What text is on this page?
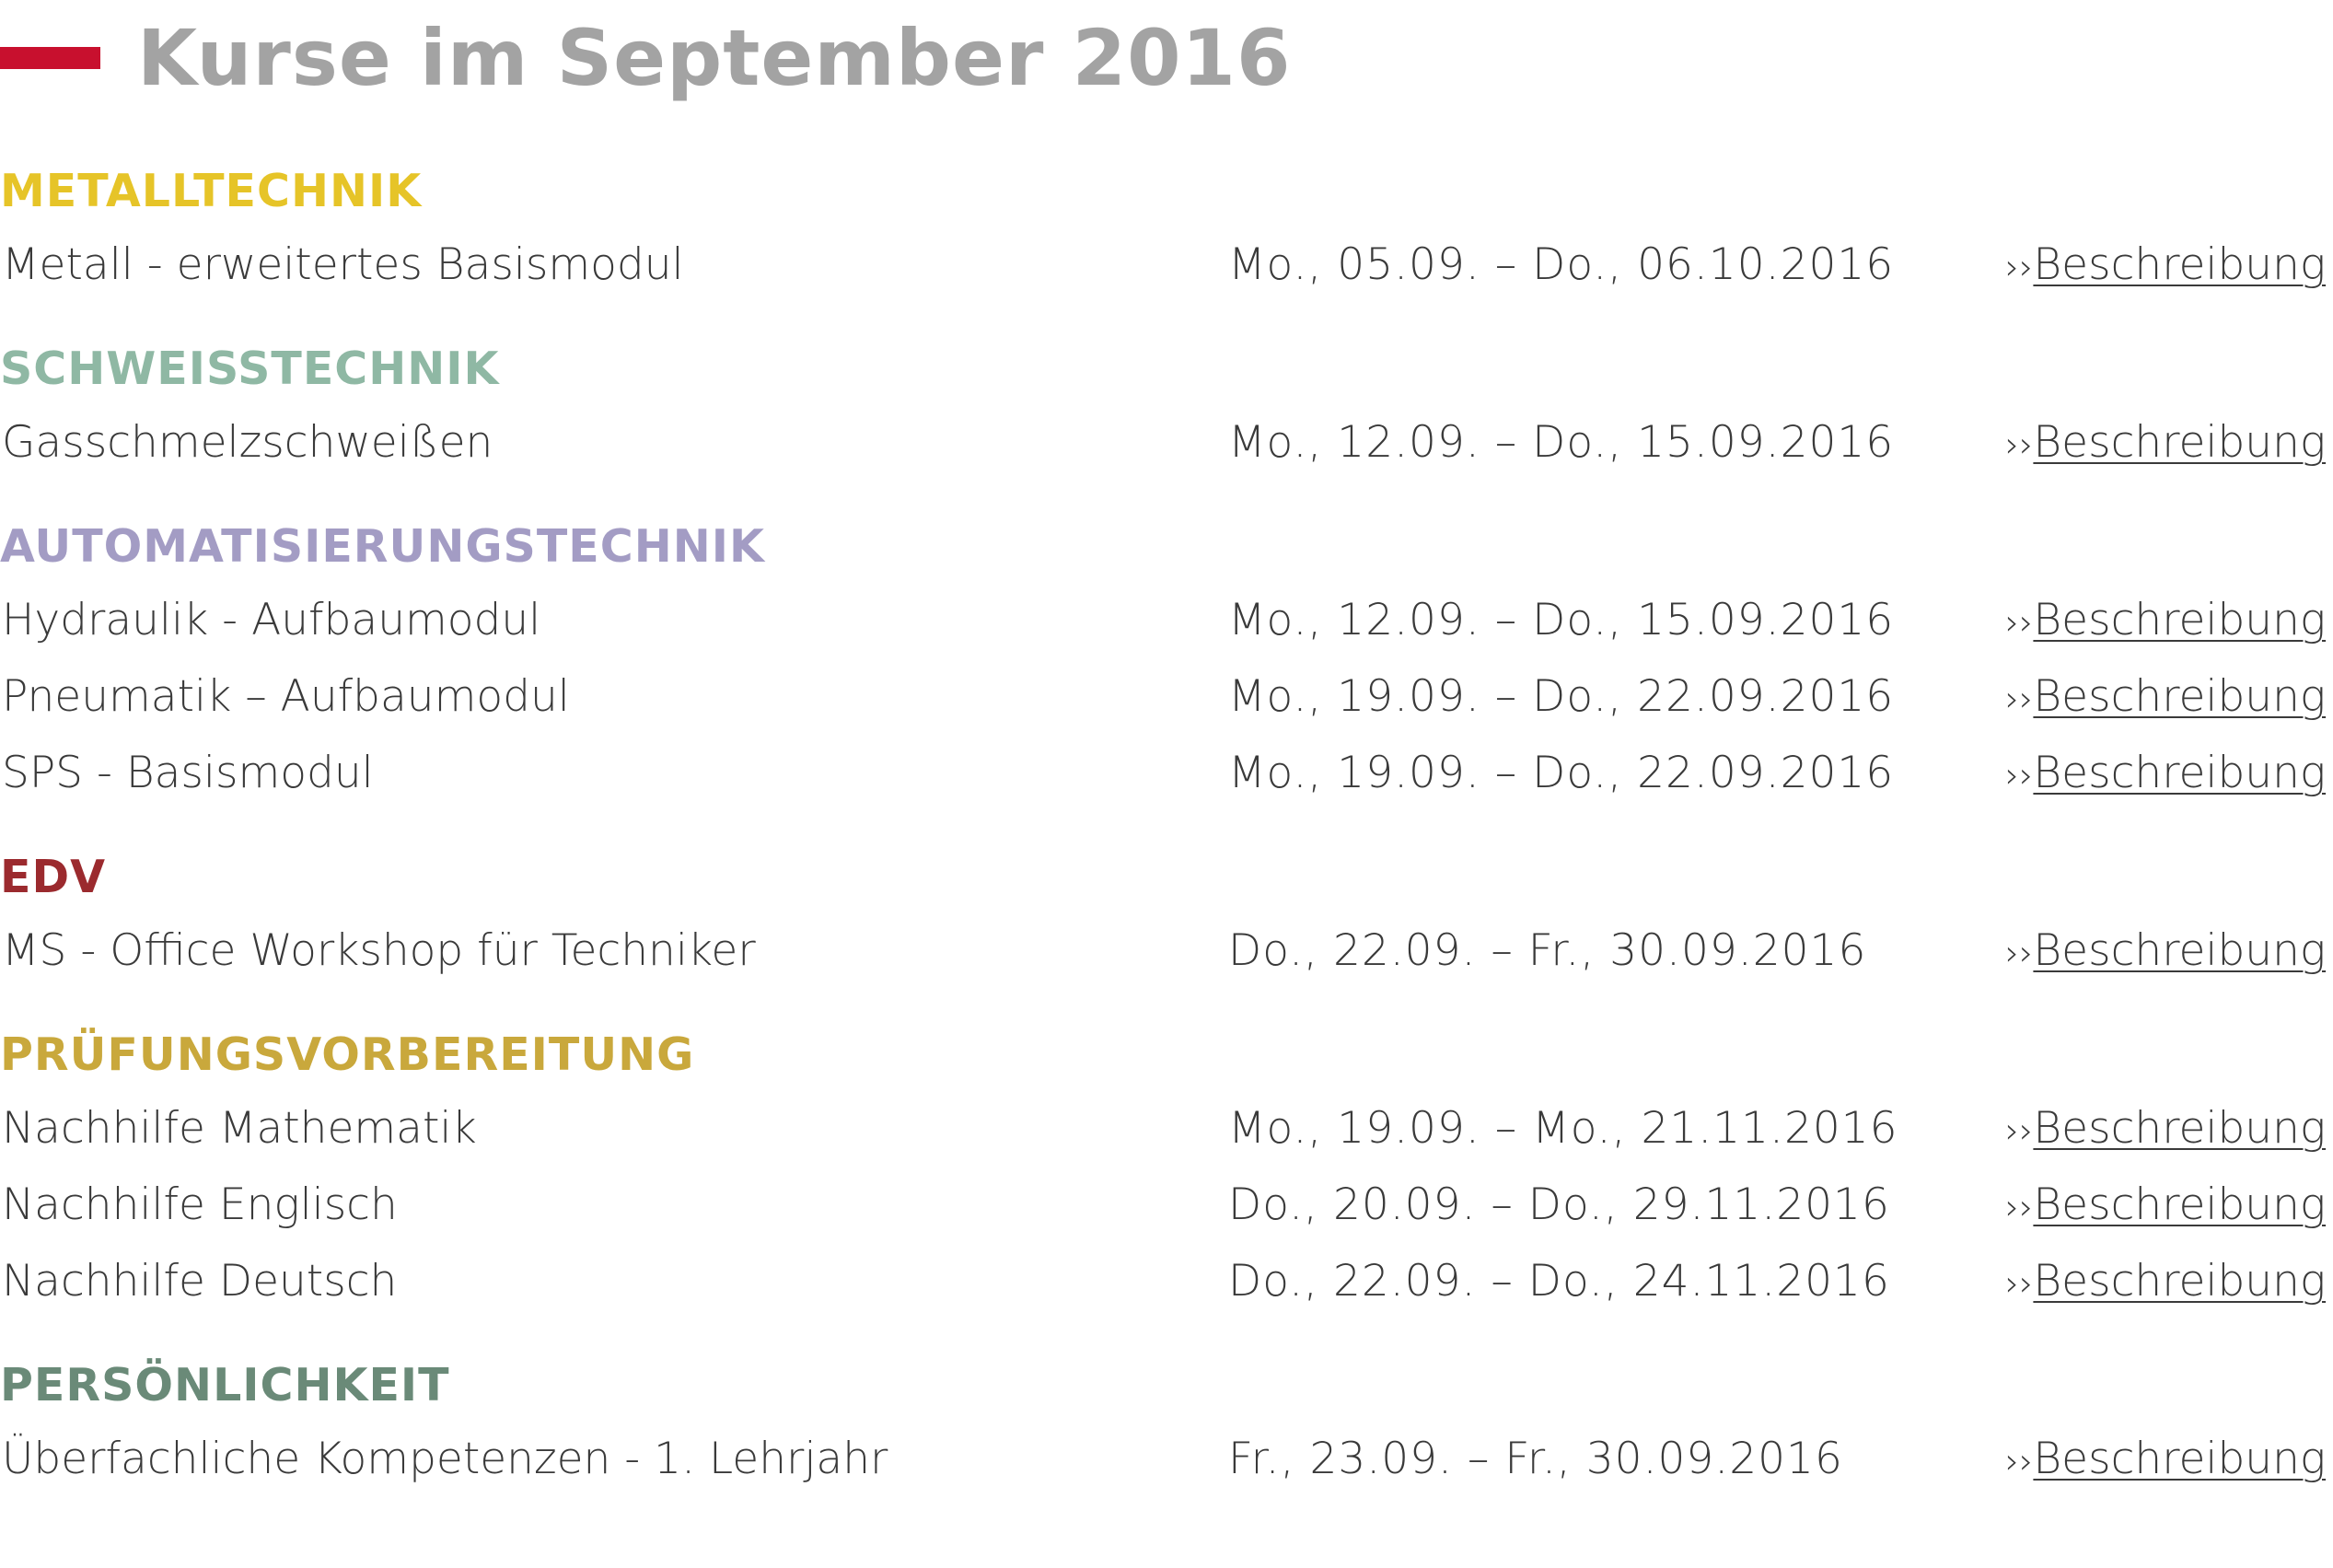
Kurse im September 2016
METALLTECHNIK
Metall - erweitertes Basismodul	Mo., 05.09. – Do., 06.10.2016	››Beschreibung
SCHWEISSTECHNIK
Gasschmelzschweißen	Mo., 12.09. – Do., 15.09.2016	››Beschreibung
AUTOMATISIERUNGSTECHNIK
Hydraulik - Aufbaumodul	Mo., 12.09. – Do., 15.09.2016	››Beschreibung
Pneumatik – Aufbaumodul	Mo., 19.09. – Do., 22.09.2016	››Beschreibung
SPS - Basismodul	Mo., 19.09. – Do., 22.09.2016	››Beschreibung
EDV
MS - Office Workshop für Techniker	Do., 22.09. – Fr., 30.09.2016	››Beschreibung
PRÜFUNGSVORBEREITUNG
Nachhilfe Mathematik	Mo., 19.09. – Mo., 21.11.2016	››Beschreibung
Nachhilfe Englisch	Do., 20.09. – Do., 29.11.2016	››Beschreibung
Nachhilfe Deutsch	Do., 22.09. – Do., 24.11.2016	››Beschreibung
PERSÖNLICHKEIT
Überfachliche Kompetenzen - 1. Lehrjahr	Fr., 23.09. – Fr., 30.09.2016	››Beschreibung
